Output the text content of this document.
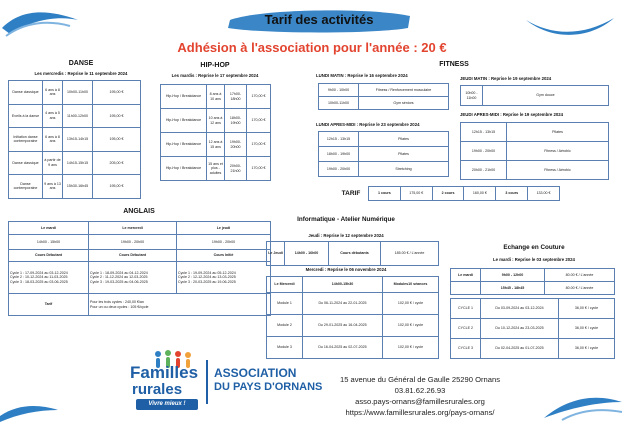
Tarif des activités
Adhésion à l'association pour l'année : 20 €
DANSE
Les mercredis : Reprise le 11 septembre 2024
Danse classique	6 ans à 8 ans	10h00-11h00	195,00 €
Eveils à la danse	4 ans à 5 ans	11h00-12h00	195,00 €
Initiation danse contemporaine	6 ans à 8 ans	13h15-14h15	195,00 €
Danse classique	à partir de 9 ans	14h15-15h15	205,00 €
Danse contemporaine	9 ans à 13 ans	15h30-16h45	195,00 €
HIP-HOP
Les mardis : Reprise le 17 septembre 2024
Hip-Hop / Breakdance	8 ans à 10 ans	17h00-18h00	170,00 €
Hip-Hop / Breakdance	10 ans à 12 ans	18h00-19h00	170,00 €
Hip-Hop / Breakdance	12 ans à 15 ans	19h00-20h00	170,00 €
Hip-Hop / Breakdance	15 ans et plus - adultes	20h00-21h00	170,00 €
FITNESS
LUNDI MATIN : Reprise le 16 septembre 2024
9h00 - 10h00	Fitness / Renforcement musculaire
10h00-11h00	Gym séniors
LUNDI APRES-MIDI : Reprise le 23 septembre 2024
12h15 - 13h15	Pilates
18h00 - 19h00	Pilates
19h00 - 20h00	Stretching
JEUDI MATIN : Reprise le 19 septembre 2024
10h00 - 11h00	Gym douce
JEUDI APRES-MIDI : Reprise le 19 septembre 2024
12h15 - 13h15	Pilates
19h00 - 20h00	Fitness / Aérobic
20h00 - 21h00	Fitness / Aérobic
TARIF	1 cours	175,00 €	2 cours	160,00 €	3 cours	133.00 €
ANGLAIS
Le mardi	Le mercredi	Le jeudi
14h00 - 15h00	19h00 - 20h00	19h00 - 20h00
Cours Débutant	Cours Débutant	Cours Initié
Cycle 1 : 17-09-2024 au 03-12-2024
Cycle 2 : 10-12-2024 au 11-03-2025
Cycle 3 : 18-03-2025 au 03-06-2025	Cycle 1 : 18-09-2024 au 04-12-2024
Cycle 2 : 11-12-2024 au 12-03-2025
Cycle 3 : 19-03-2025 au 04-06-2025	Cycle 1 : 19-09-2024 au 05-12-2024
Cycle 2 : 12-12-2024 au 13-03-2025
Cycle 3 : 20-03-2025 au 19-06-2025
Tarif	Pour les trois cycles : 240,00 €/an
Pour un ou deux cycles : 105 €/cycle	
Informatique - Atelier Numérique
Jeudi : Reprise le 12 septembre 2024
Le Jeudi	14h00 - 16h00	Cours débutants	185.00 € / L'année
Mercredi : Reprise le 06 novembre 2024
Le Mercredi	14h00-15h30	Modules10 séances
Module 1	Du 06-11-2024 au 22-01-2025	102,00 € / cycle
Module 2	Du 29-01-2025 au 16-04-2025	102,00 € / cycle
Module 3	Du 16-04-2025 au 02-07-2025	102,00 € / cycle
Echange en Couture
Le mardi : Reprise le 03 septembre 2024
Le mardi	9h00 - 12h00	80.00 € / L'année
	15h45 - 18h45	80.00 € / L'année
CYCLE 1	Du 03-09-2024 au 03-12-2024	36,00 € / cycle
CYCLE 2	Du 10-12-2024 au 23-03-2025	36,00 € / cycle
CYCLE 3	Du 02-04-2025 au 01-07-2025	36,00 € / cycle
Familles
rurales
Vivre mieux !
ASSOCIATION
DU PAYS D'ORNANS
15 avenue du Général de Gaulle 25290 Ornans
03.81.62.26.93
asso.pays-ornans@famillesrurales.org
https://www.famillesrurales.org/pays-ornans/
